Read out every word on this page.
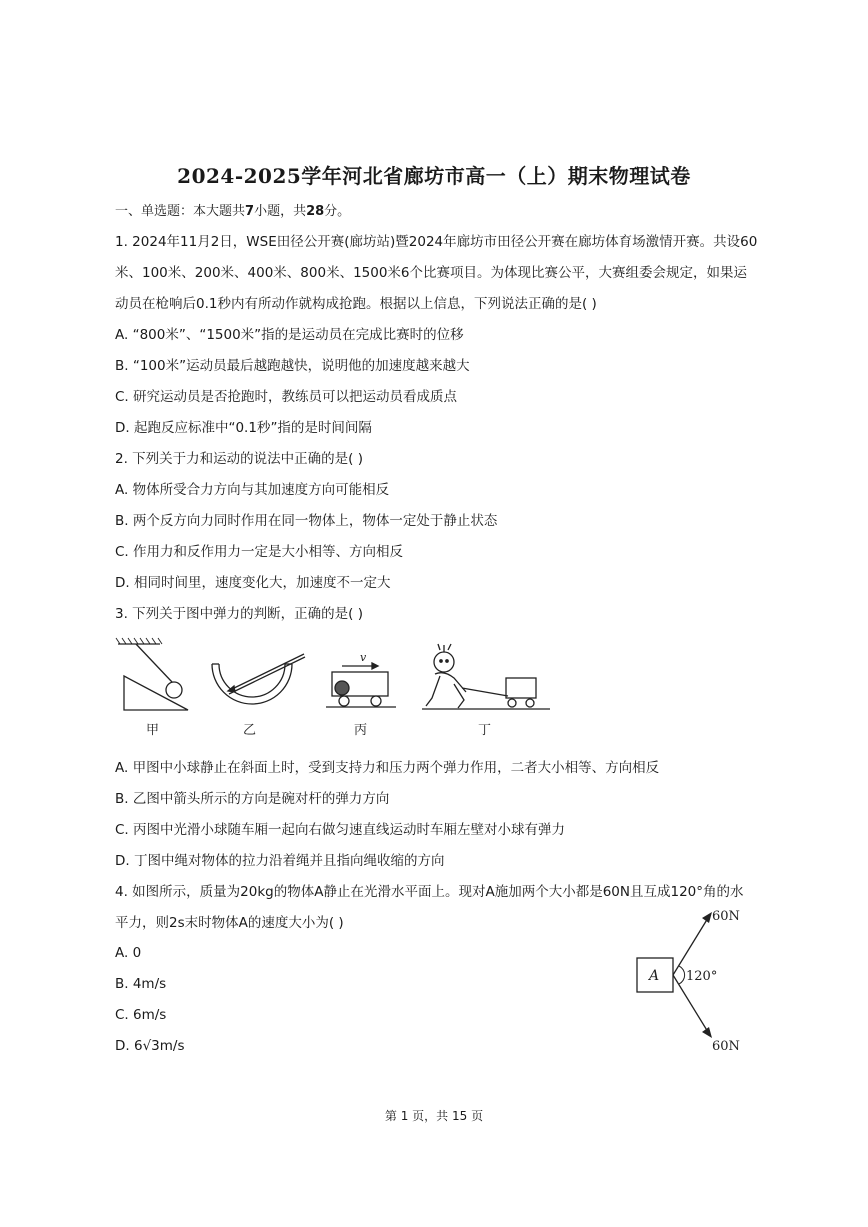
2024-2025学年河北省廊坊市高一（上）期末物理试卷
一、单选题：本大题共7小题，共28分。
1. 2024年11月2日，WSE田径公开赛(廊坊站)暨2024年廊坊市田径公开赛在廊坊体育场激情开赛。共设60
米、100米、200米、400米、800米、1500米6个比赛项目。为体现比赛公平，大赛组委会规定，如果运
动员在枪响后0.1秒内有所动作就构成抢跑。根据以上信息，下列说法正确的是( )
A. “800米”、“1500米”指的是运动员在完成比赛时的位移
B. “100米”运动员最后越跑越快，说明他的加速度越来越大
C. 研究运动员是否抢跑时，教练员可以把运动员看成质点
D. 起跑反应标准中“0.1秒”指的是时间间隔
2. 下列关于力和运动的说法中正确的是( )
A. 物体所受合力方向与其加速度方向可能相反
B. 两个反方向力同时作用在同一物体上，物体一定处于静止状态
C. 作用力和反作用力一定是大小相等、方向相反
D. 相同时间里，速度变化大，加速度不一定大
3. 下列关于图中弹力的判断，正确的是( )
v
甲	乙	丙	丁
A. 甲图中小球静止在斜面上时，受到支持力和压力两个弹力作用，二者大小相等、方向相反
B. 乙图中箭头所示的方向是碗对杆的弹力方向
C. 丙图中光滑小球随车厢一起向右做匀速直线运动时车厢左壁对小球有弹力
D. 丁图中绳对物体的拉力沿着绳并且指向绳收缩的方向
4. 如图所示，质量为20kg的物体A静止在光滑水平面上。现对A施加两个大小都是60N且互成120°角的水
平力，则2s末时物体A的速度大小为( )
A. 0
B. 4m/s
C. 6m/s
D. 6√3m/s
A 120°
60N
60N
第 1 页，共 15 页
